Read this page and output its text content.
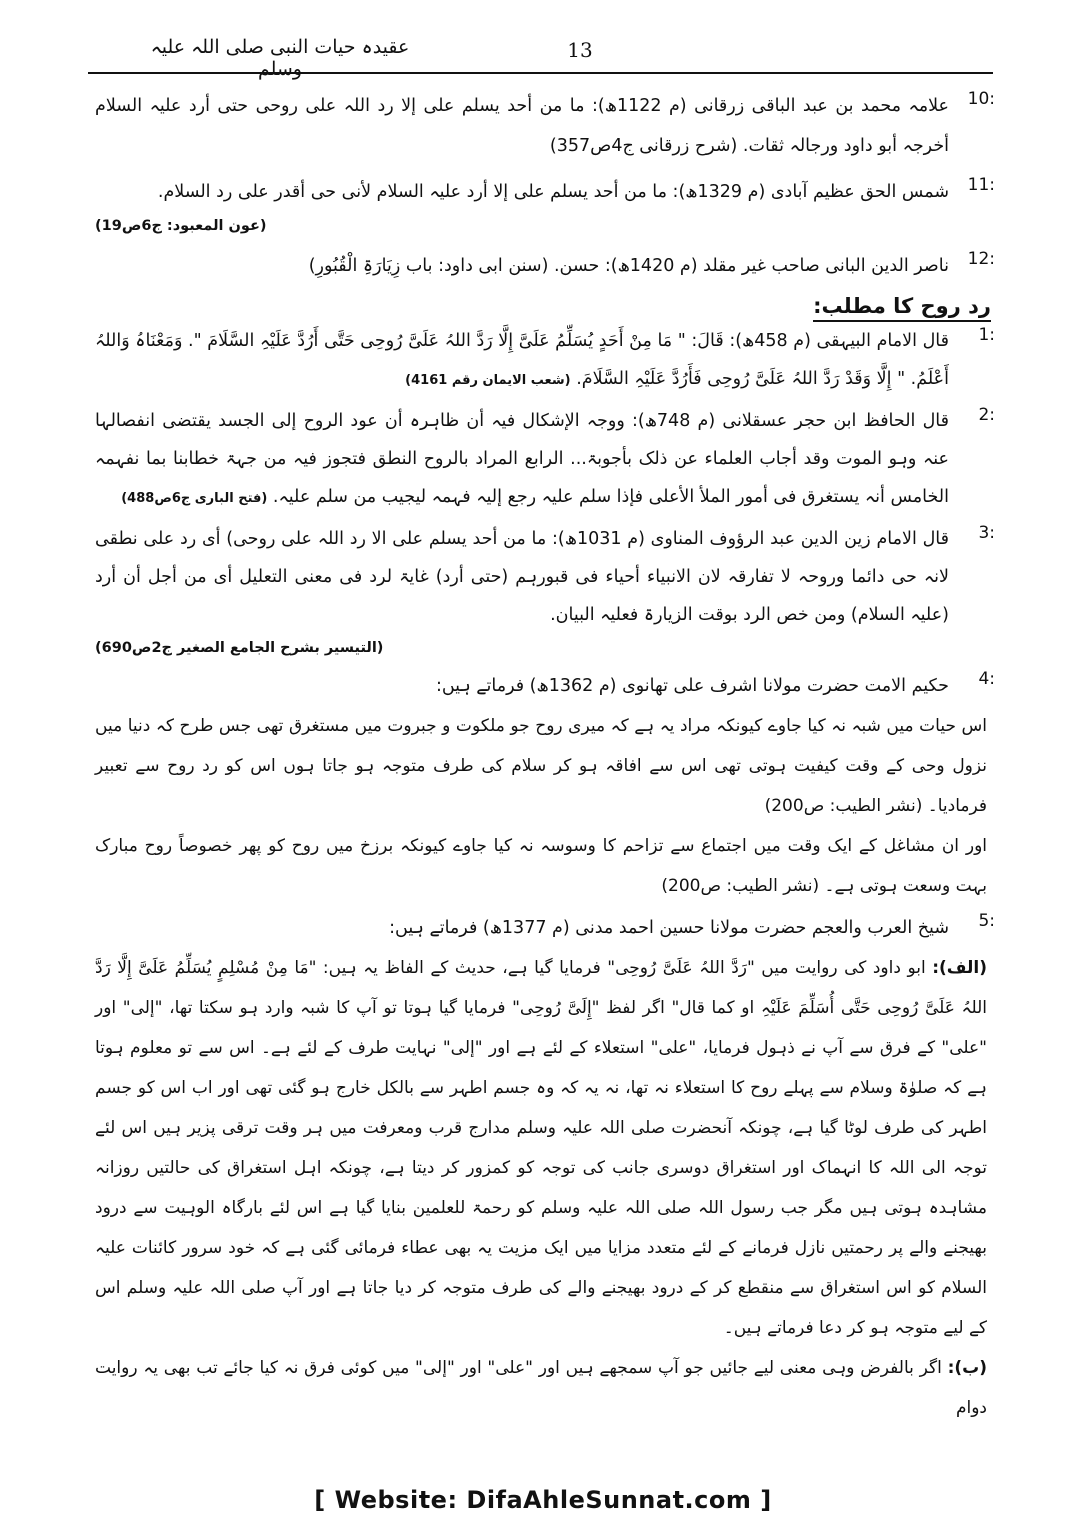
عقیدہ حیات النبی صلی اللہ علیہ وسلم
13
10:
علامہ محمد بن عبد الباقی زرقانی (م 1122ھ): ما من أحد یسلم علی إلا رد اللہ علی روحی حتی أرد علیہ السلام أخرجہ أبو داود ورجالہ ثقات. (شرح زرقانی ج4ص357)
11:
شمس الحق عظیم آبادی (م 1329ھ): ما من أحد یسلم علی إلا أرد علیہ السلام لأنی حی أقدر علی رد السلام.
(عون المعبود: ج6ص19)
12:
ناصر الدین البانی صاحب غیر مقلد (م 1420ھ): حسن. (سنن ابی داود: باب زِیَارَۃِ الْقُبُورِ)
رد روح کا مطلب:
1:
قال الامام البیہقی (م 458ھ): قَالَ: " مَا مِنْ أَحَدٍ یُسَلِّمُ عَلَیَّ إِلَّا رَدَّ اللہُ عَلَیَّ رُوحِی حَتَّی أَرُدَّ عَلَیْہِ السَّلَامَ ". وَمَعْنَاہُ وَاللہُ أَعْلَمُ. " إِلَّا وَقَدْ رَدَّ اللہُ عَلَیَّ رُوحِی فَأَرُدَّ عَلَیْہِ السَّلَامَ. (شعب الایمان رقم 4161)
2:
قال الحافظ ابن حجر عسقلانی (م 748ھ): ووجہ الإشکال فیہ أن ظاہرہ أن عود الروح إلی الجسد یقتضی انفصالہا عنہ وہو الموت وقد أجاب العلماء عن ذلک بأجوبۃ... الرابع المراد بالروح النطق فتجوز فیہ من جہۃ خطابنا بما نفہمہ الخامس أنہ یستغرق فی أمور الملأ الأعلی فإذا سلم علیہ رجع إلیہ فہمہ لیجیب من سلم علیہ. (فتح الباری ج6ص488)
3:
قال الامام زین الدین عبد الرؤوف المناوی (م 1031ھ): ما من أحد یسلم علی الا رد اللہ علی روحی) أی رد علی نطقی لانہ حی دائما وروحہ لا تفارقہ لان الانبیاء أحیاء فی قبورہم (حتی أرد) غایۃ لرد فی معنی التعلیل أی من أجل أن أرد (علیہ السلام) ومن خص الرد بوقت الزیارۃ فعلیہ البیان.
(التیسیر بشرح الجامع الصغیر ج2ص690)
4:
حکیم الامت حضرت مولانا اشرف علی تھانوی (م 1362ھ) فرماتے ہیں:
اس حیات میں شبہ نہ کیا جاوے کیونکہ مراد یہ ہے کہ میری روح جو ملکوت و جبروت میں مستغرق تھی جس طرح کہ دنیا میں نزول وحی کے وقت کیفیت ہوتی تھی اس سے افاقہ ہو کر سلام کی طرف متوجہ ہو جاتا ہوں اس کو رد روح سے تعبیر فرمادیا۔ (نشر الطیب: ص200)
اور ان مشاغل کے ایک وقت میں اجتماع سے تزاحم کا وسوسہ نہ کیا جاوے کیونکہ برزخ میں روح کو پھر خصوصاً روح مبارک بہت وسعت ہوتی ہے۔ (نشر الطیب: ص200)
5:
شیخ العرب والعجم حضرت مولانا حسین احمد مدنی (م 1377ھ) فرماتے ہیں:
(الف): ابو داود کی روایت میں "رَدَّ اللہُ عَلَیَّ رُوحِی" فرمایا گیا ہے، حدیث کے الفاظ یہ ہیں: "مَا مِنْ مُسْلِمٍ یُسَلِّمُ عَلَیَّ إِلَّا رَدَّ اللہُ عَلَیَّ رُوحِی حَتَّی أُسَلِّمَ عَلَیْہِ او کما قال" اگر لفظ "إِلَیَّ رُوحِی" فرمایا گیا ہوتا تو آپ کا شبہ وارد ہو سکتا تھا، "إلی" اور "علی" کے فرق سے آپ نے ذہول فرمایا، "علی" استعلاء کے لئے ہے اور "إلی" نہایت طرف کے لئے ہے۔ اس سے تو معلوم ہوتا ہے کہ صلوٰۃ وسلام سے پہلے روح کا استعلاء نہ تھا، نہ یہ کہ وہ جسم اطہر سے بالکل خارج ہو گئی تھی اور اب اس کو جسم اطہر کی طرف لوٹا گیا ہے، چونکہ آنحضرت صلی اللہ علیہ وسلم مدارج قرب ومعرفت میں ہر وقت ترقی پزیر ہیں اس لئے توجہ الی اللہ کا انہماک اور استغراق دوسری جانب کی توجہ کو کمزور کر دیتا ہے، چونکہ اہل استغراق کی حالتیں روزانہ مشاہدہ ہوتی ہیں مگر جب رسول اللہ صلی اللہ علیہ وسلم کو رحمۃ للعلمین بنایا گیا ہے اس لئے بارگاہ الوہیت سے درود بھیجنے والے پر رحمتیں نازل فرمانے کے لئے متعدد مزایا میں ایک مزیت یہ بھی عطاء فرمائی گئی ہے کہ خود سرور کائنات علیہ السلام کو اس استغراق سے منقطع کر کے درود بھیجنے والے کی طرف متوجہ کر دیا جاتا ہے اور آپ صلی اللہ علیہ وسلم اس کے لیے متوجہ ہو کر دعا فرماتے ہیں۔
(ب): اگر بالفرض وہی معنی لیے جائیں جو آپ سمجھے ہیں اور "علی" اور "إلی" میں کوئی فرق نہ کیا جائے تب بھی یہ روایت دوام
[ Website: DifaAhleSunnat.com ]
